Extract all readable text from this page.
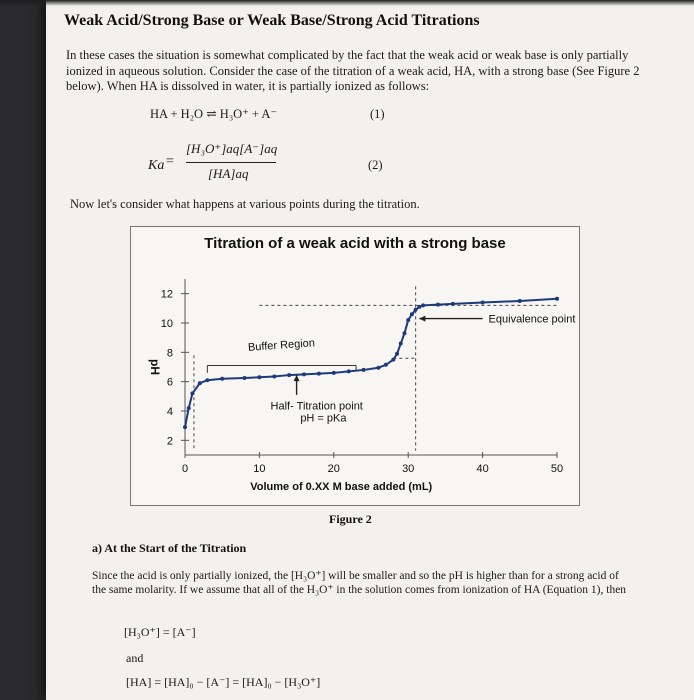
Weak Acid/Strong Base or Weak Base/Strong Acid Titrations
In these cases the situation is somewhat complicated by the fact that the weak acid or weak base is only partially ionized in aqueous solution. Consider the case of the titration of a weak acid, HA, with a strong base (See Figure 2 below). When HA is dissolved in water, it is partially ionized as follows:
HA + H₂O ⇌ H₃O⁺ + A⁻	(1)
Ka =
[H₃O⁺]aq[A⁻]aq
[HA]aq
(2)
Now let's consider what happens at various points during the titration.
Titration of a weak acid with a strong base
2
4
6
8
10
12
0	10	20	30	40	50
pH
Volume of 0.XX M base added (mL)
Buffer Region
Half- Titration point
pH = pKa
Equivalence point
Figure 2
a) At the Start of the Titration
Since the acid is only partially ionized, the [H₃O⁺] will be smaller and so the pH is higher than for a strong acid of the same molarity. If we assume that all of the H₃O⁺ in the solution comes from ionization of HA (Equation 1), then
[H₃O⁺] = [A⁻]
and
[HA] = [HA]₀ − [A⁻] = [HA]₀ − [H₃O⁺]
